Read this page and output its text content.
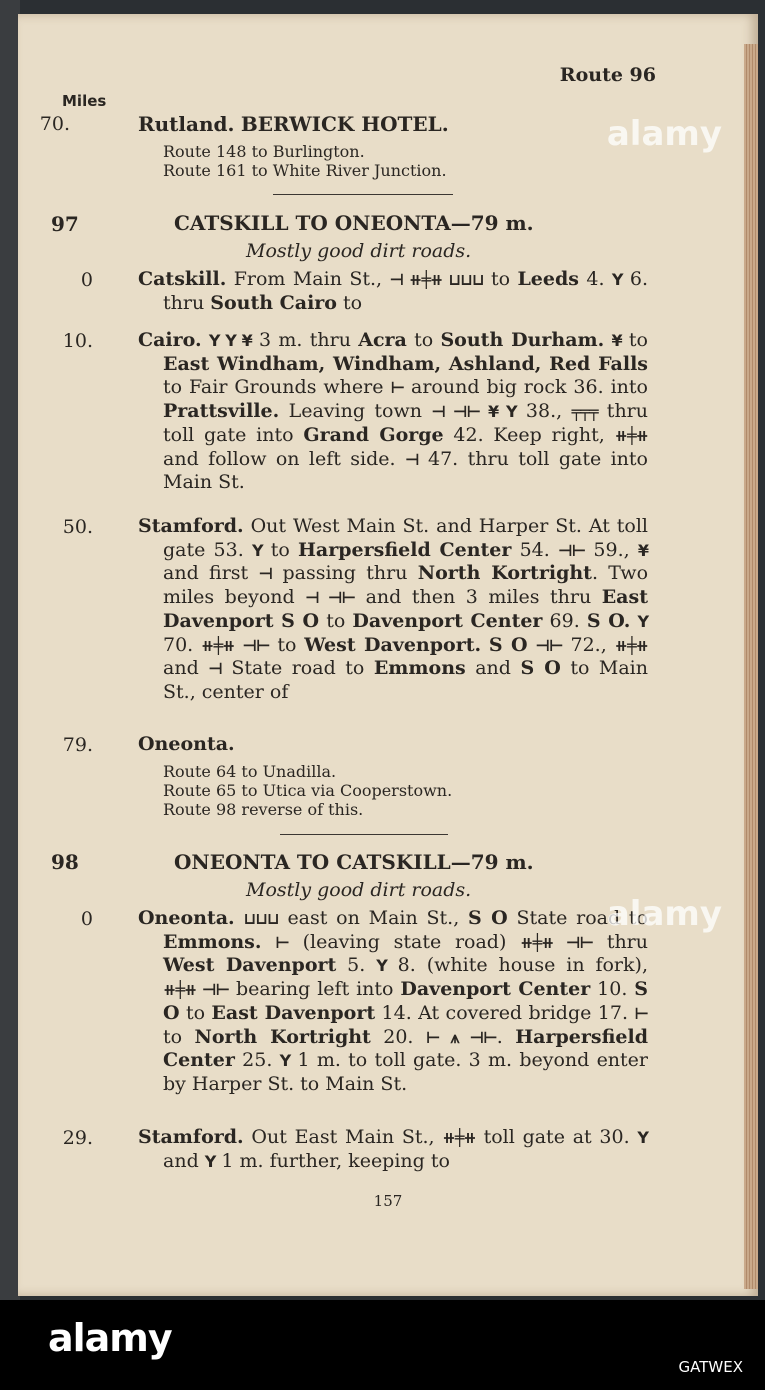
Route 96
Miles
70.	Rutland. BERWICK HOTEL.
Route 148 to Burlington.
Route 161 to White River Junction.
97	CATSKILL TO ONEONTA—79 m.
Mostly good dirt roads.
0 Catskill. From Main St., ⊣ ⧺╪⧺ ⊔⊔⊔ to Leeds 4. Y 6. thru South Cairo to
10. Cairo. Y Y ¥ 3 m. thru Acra to South Durham. ¥ to East Windham, Windham, Ashland, Red Falls to Fair Grounds where ⊢ around big rock 36. into Prattsville. Leaving town ⊣ ⊣⊢ ¥ Y 38., ╤╤╤ thru toll gate into Grand Gorge 42. Keep right, ⧺╪⧺ and follow on left side. ⊣ 47. thru toll gate into Main St.
50. Stamford. Out West Main St. and Harper St. At toll gate 53. Y to Harpersfield Center 54. ⊣⊢ 59., ¥ and first ⊣ passing thru North Kortright. Two miles beyond ⊣ ⊣⊢ and then 3 miles thru East Davenport S O to Davenport Center 69. S O. Y 70. ⧺╪⧺ ⊣⊢ to West Davenport. S O ⊣⊢ 72., ⧺╪⧺ and ⊣ State road to Emmons and S O to Main St., center of
79. Oneonta.
Route 64 to Unadilla.
Route 65 to Utica via Cooperstown.
Route 98 reverse of this.
98	ONEONTA TO CATSKILL—79 m.
Mostly good dirt roads.
0 Oneonta. ⊔⊔⊔ east on Main St., S O State road to Emmons. ⊢ (leaving state road) ⧺╪⧺ ⊣⊢ thru West Davenport 5. Y 8. (white house in fork), ⧺╪⧺ ⊣⊢ bearing left into Davenport Center 10. S O to East Davenport 14. At covered bridge 17. ⊢ to North Kortright 20. ⊢ ⩚ ⊣⊢. Harpersfield Center 25. Y 1 m. to toll gate. 3 m. beyond enter by Harper St. to Main St.
29. Stamford. Out East Main St., ⧺╪⧺ toll gate at 30. Y and Y 1 m. further, keeping to
157
alamy
alamy
alamy
GATWEX
